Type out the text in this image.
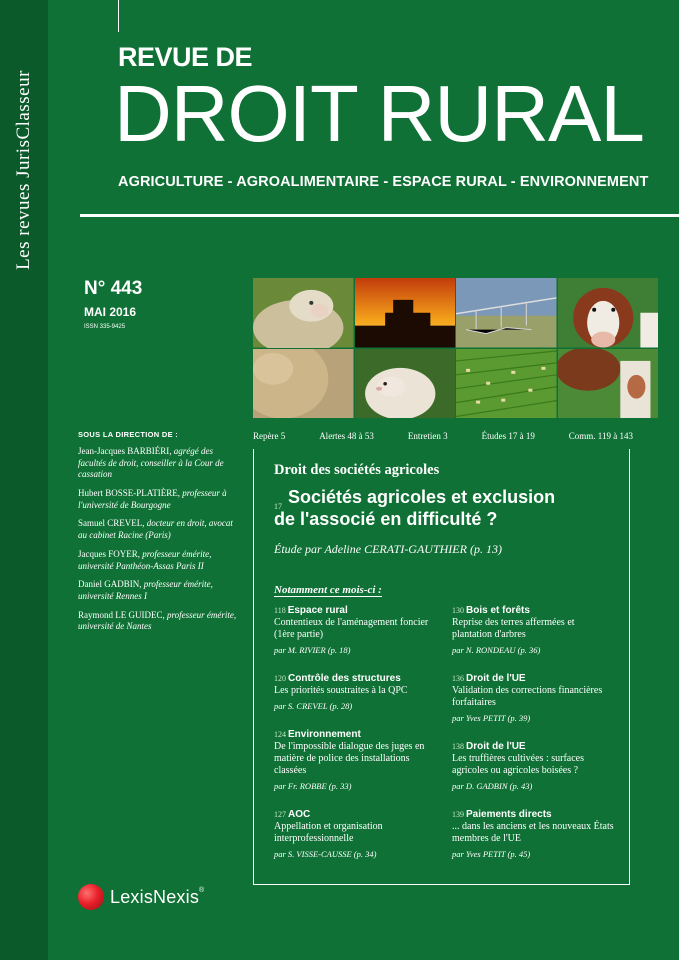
Les revues JurisClasseur
REVUE DE
DROIT RURAL
AGRICULTURE - AGROALIMENTAIRE - ESPACE RURAL - ENVIRONNEMENT
N° 443
MAI 2016
ISSN 335-9425
Repère 5	Alertes 48 à 53	Entretien 3	Études 17 à 19	Comm. 119 à 143
SOUS LA DIRECTION DE :
Jean-Jacques BARBIÉRI, agrégé des facultés de droit, conseiller à la Cour de cassation
Hubert BOSSE-PLATIÈRE, professeur à l'université de Bourgogne
Samuel CREVEL, docteur en droit, avocat au cabinet Racine (Paris)
Jacques FOYER, professeur émérite, université Panthéon-Assas Paris II
Daniel GADBIN, professeur émérite, université Rennes I
Raymond LE GUIDEC, professeur émérite, université de Nantes
Droit des sociétés agricoles
17 Sociétés agricoles et exclusion
de l'associé en difficulté ?
Étude par Adeline CERATI-GAUTHIER (p. 13)
Notamment ce mois-ci :
118 Espace rural
Contentieux de l'aménagement foncier (1ère partie)
par M. RIVIER (p. 18)
120 Contrôle des structures
Les priorités soustraites à la QPC
par S. CREVEL (p. 28)
124 Environnement
De l'impossible dialogue des juges en matière de police des installations classées
par Fr. ROBBE (p. 33)
127 AOC
Appellation et organisation interprofessionnelle
par S. VISSE-CAUSSE (p. 34)
130 Bois et forêts
Reprise des terres affermées et plantation d'arbres
par N. RONDEAU (p. 36)
136 Droit de l'UE
Validation des corrections financières forfaitaires
par Yves PETIT (p. 39)
138 Droit de l'UE
Les truffières cultivées : surfaces agricoles ou agricoles boisées ?
par D. GADBIN (p. 43)
139 Paiements directs
... dans les anciens et les nouveaux États membres de l'UE
par Yves PETIT (p. 45)
LexisNexis®
